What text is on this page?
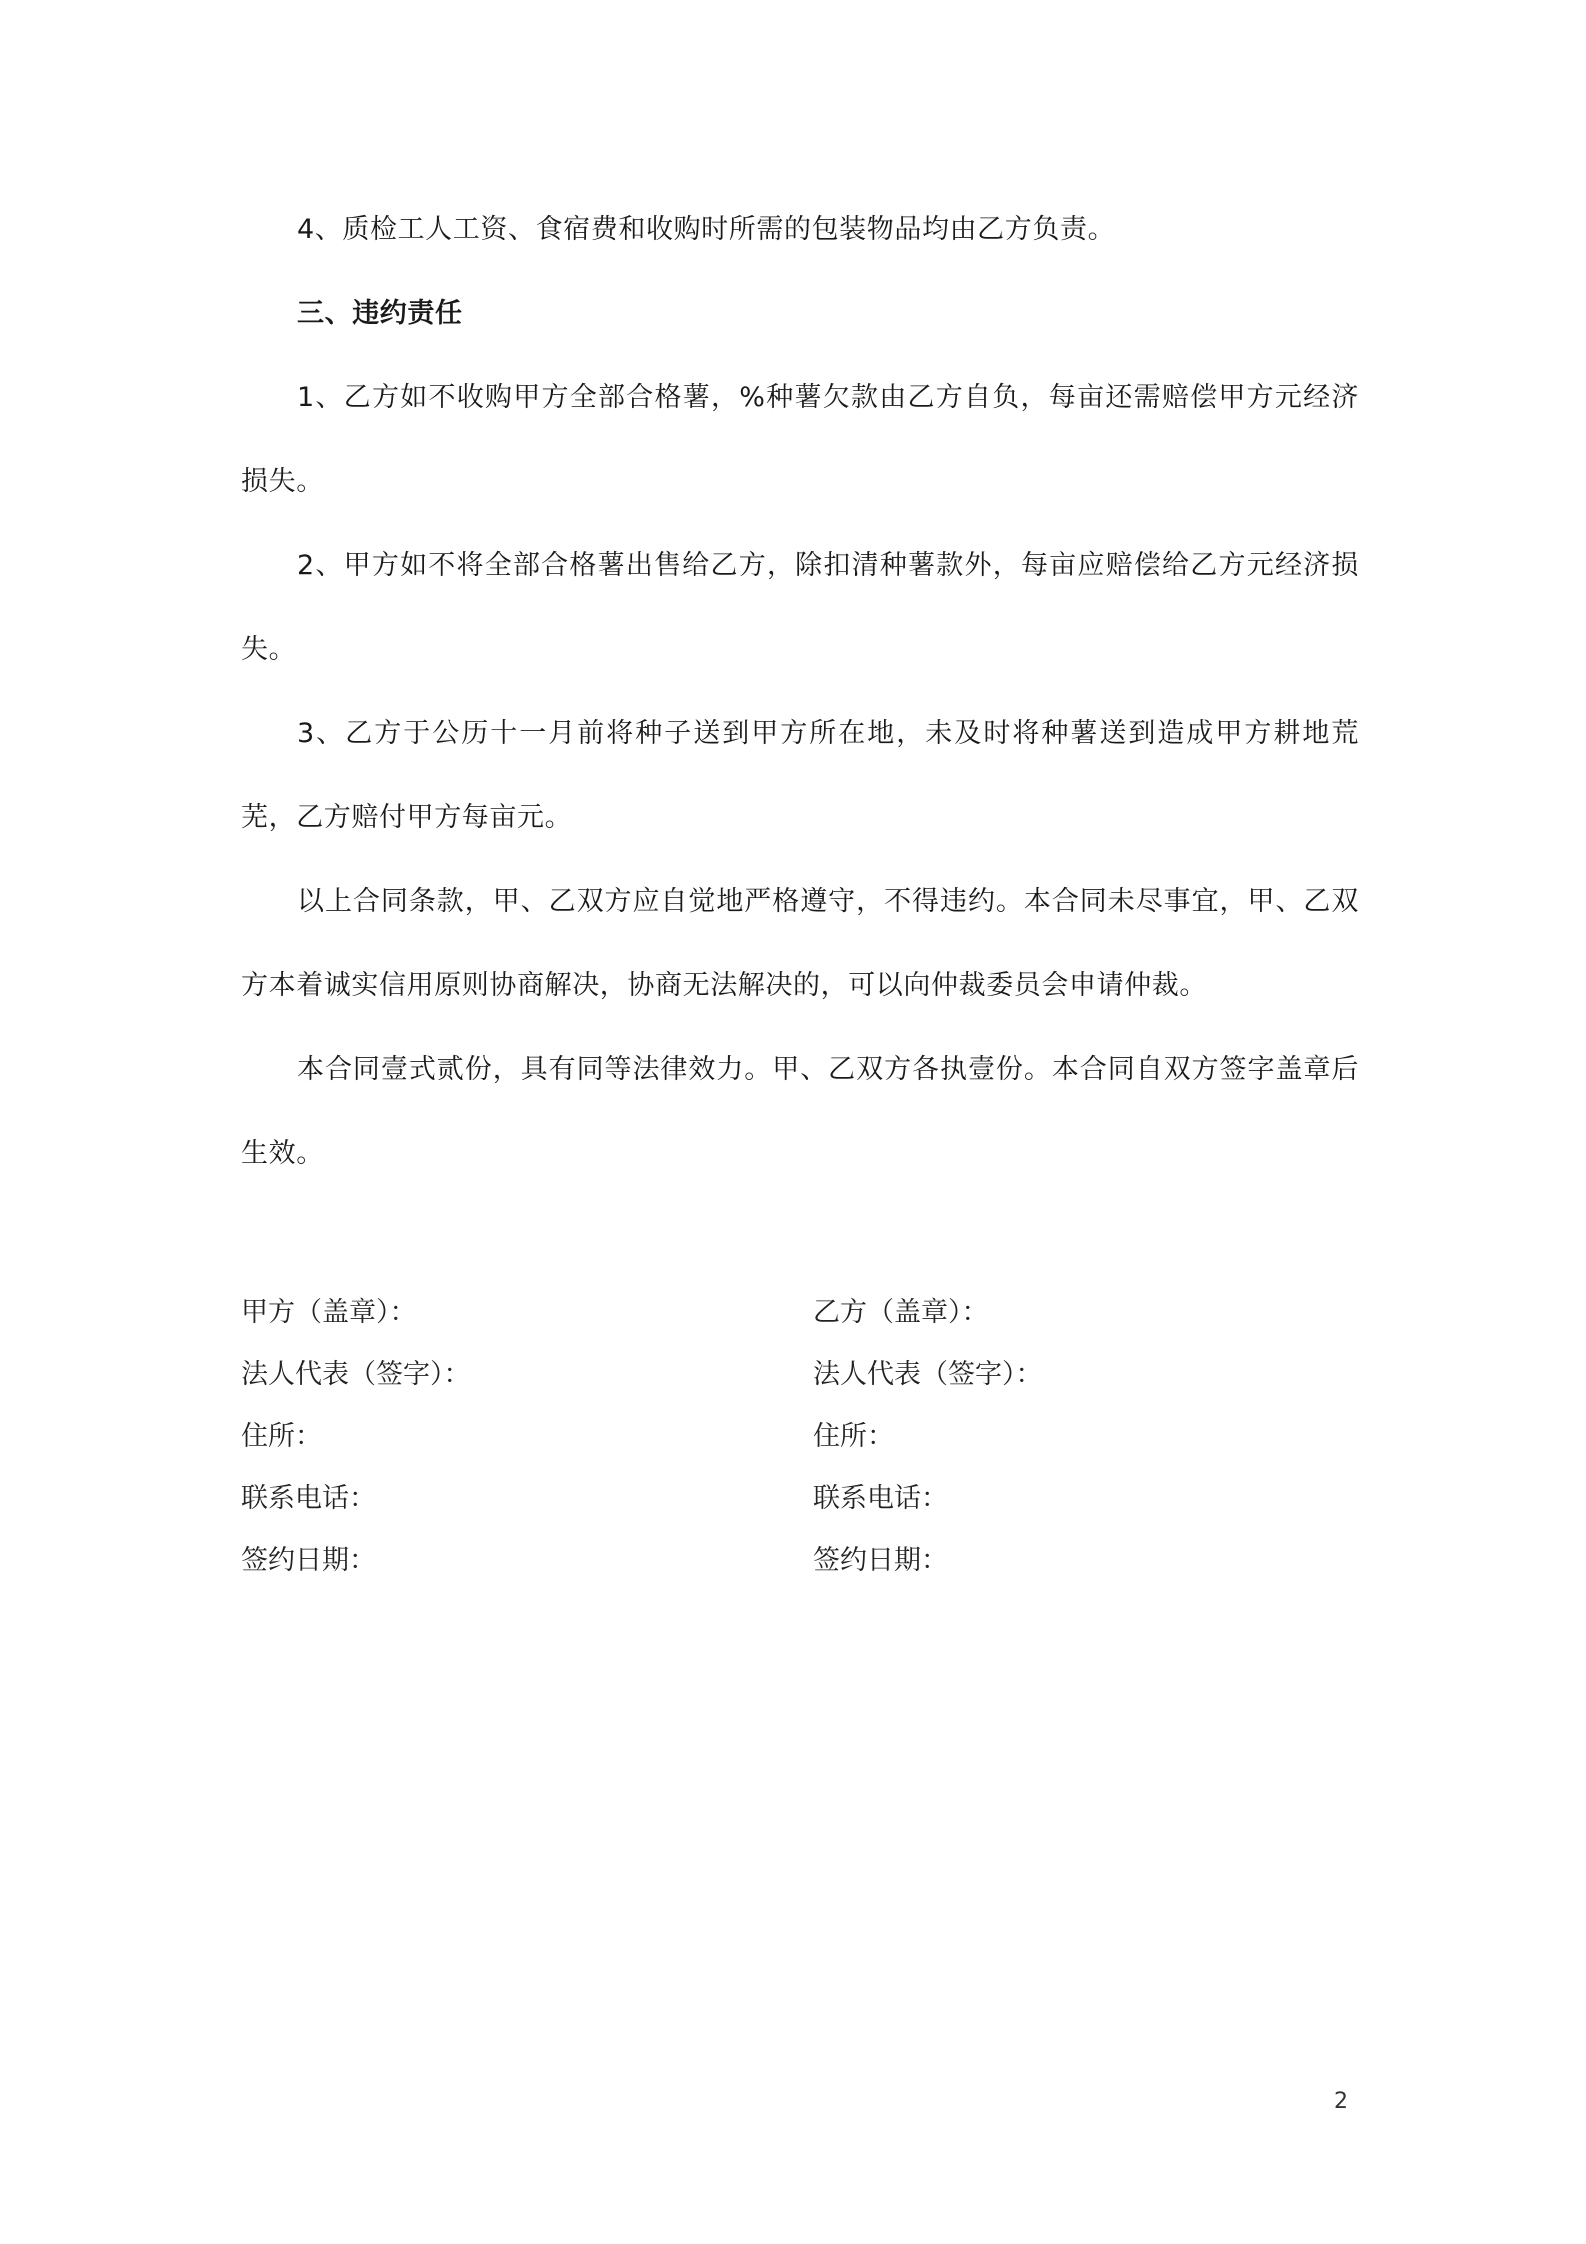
4、质检工人工资、食宿费和收购时所需的包装物品均由乙方负责。

三、违约责任

1、乙方如不收购甲方全部合格薯，%种薯欠款由乙方自负，每亩还需赔偿甲方元经济损失。

2、甲方如不将全部合格薯出售给乙方，除扣清种薯款外，每亩应赔偿给乙方元经济损失。

3、乙方于公历十一月前将种子送到甲方所在地，未及时将种薯送到造成甲方耕地荒芜，乙方赔付甲方每亩元。

以上合同条款，甲、乙双方应自觉地严格遵守，不得违约。本合同未尽事宜，甲、乙双方本着诚实信用原则协商解决，协商无法解决的，可以向仲裁委员会申请仲裁。

本合同壹式贰份，具有同等法律效力。甲、乙双方各执壹份。本合同自双方签字盖章后生效。

甲方（盖章）：
法人代表（签字）：
住所：
联系电话：
签约日期：
乙方（盖章）：
法人代表（签字）：
住所：
联系电话：
签约日期：
2
